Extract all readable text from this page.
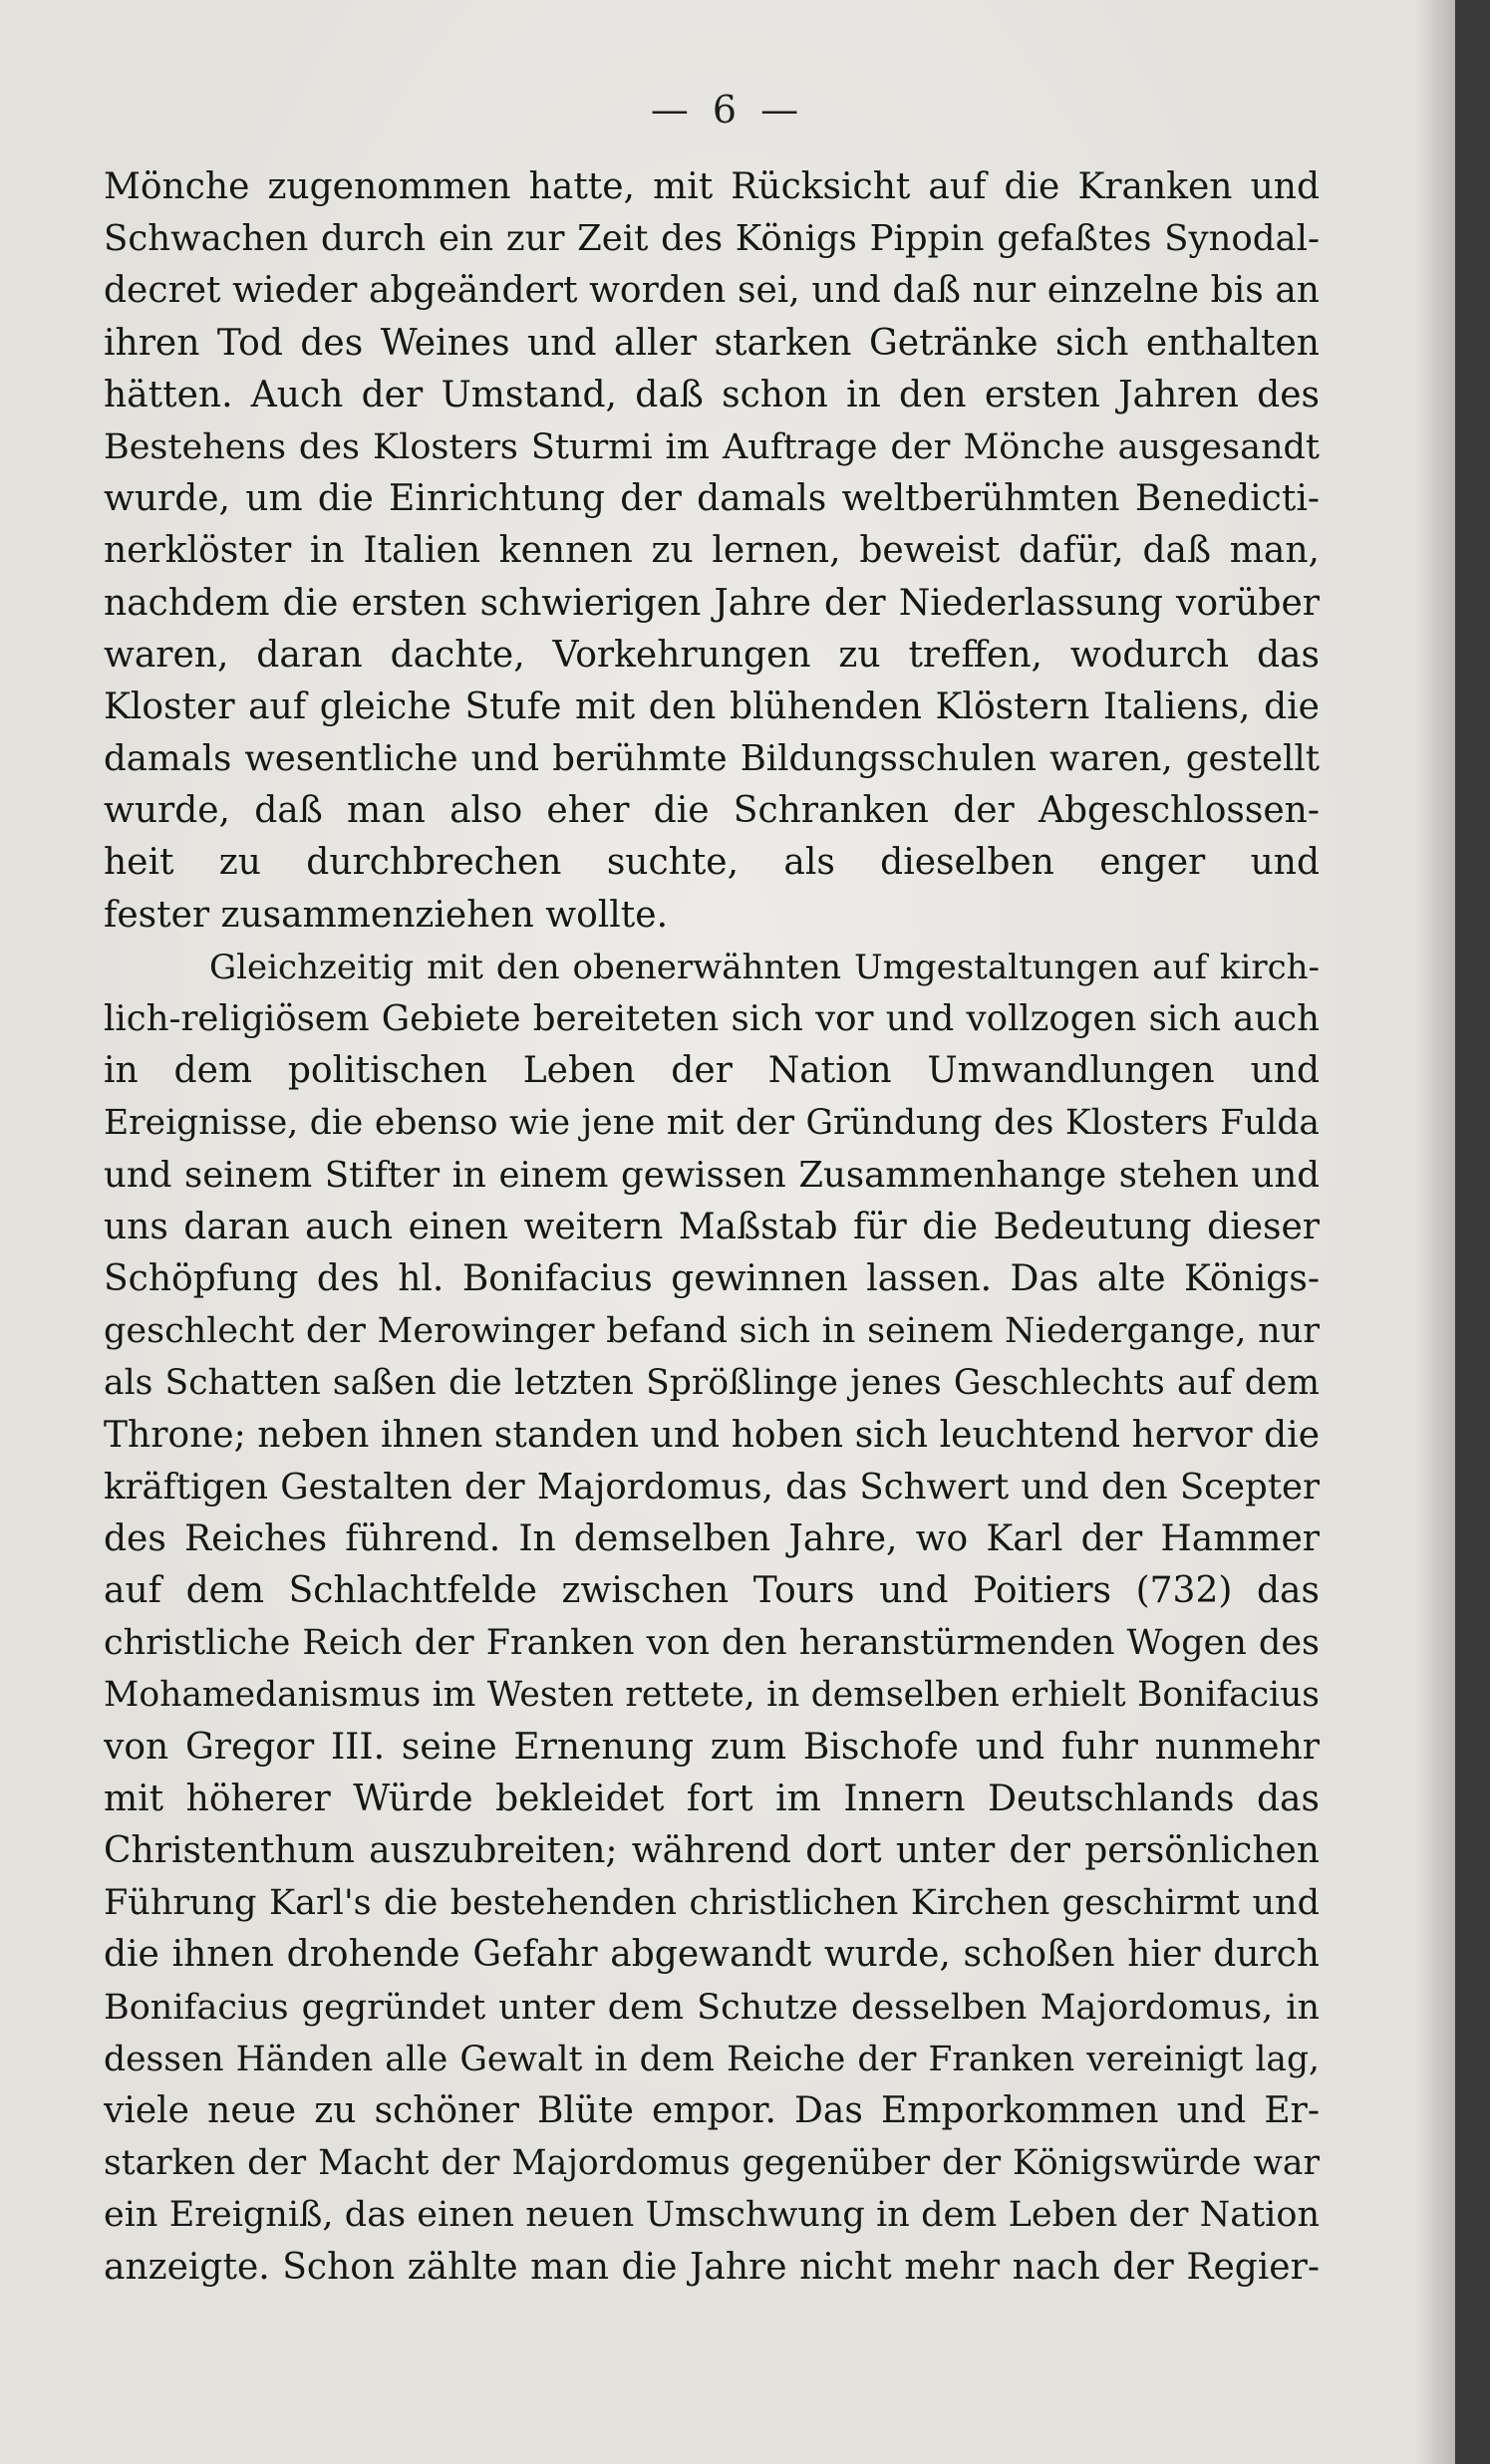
— 6 —
Mönche zugenommen hatte, mit Rücksicht auf die Kranken und
Schwachen durch ein zur Zeit des Königs Pippin gefaßtes Synodal-
decret wieder abgeändert worden sei, und daß nur einzelne bis an
ihren Tod des Weines und aller starken Getränke sich enthalten
hätten. Auch der Umstand, daß schon in den ersten Jahren des
Bestehens des Klosters Sturmi im Auftrage der Mönche ausgesandt
wurde, um die Einrichtung der damals weltberühmten Benedicti-
nerklöster in Italien kennen zu lernen, beweist dafür, daß man,
nachdem die ersten schwierigen Jahre der Niederlassung vorüber
waren, daran dachte, Vorkehrungen zu treffen, wodurch das
Kloster auf gleiche Stufe mit den blühenden Klöstern Italiens, die
damals wesentliche und berühmte Bildungsschulen waren, gestellt
wurde, daß man also eher die Schranken der Abgeschlossen-
heit zu durchbrechen suchte, als dieselben enger und
fester zusammenziehen wollte.
Gleichzeitig mit den obenerwähnten Umgestaltungen auf kirch-
lich-religiösem Gebiete bereiteten sich vor und vollzogen sich auch
in dem politischen Leben der Nation Umwandlungen und
Ereignisse, die ebenso wie jene mit der Gründung des Klosters Fulda
und seinem Stifter in einem gewissen Zusammenhange stehen und
uns daran auch einen weitern Maßstab für die Bedeutung dieser
Schöpfung des hl. Bonifacius gewinnen lassen. Das alte Königs-
geschlecht der Merowinger befand sich in seinem Niedergange, nur
als Schatten saßen die letzten Sprößlinge jenes Geschlechts auf dem
Throne; neben ihnen standen und hoben sich leuchtend hervor die
kräftigen Gestalten der Majordomus, das Schwert und den Scepter
des Reiches führend. In demselben Jahre, wo Karl der Hammer
auf dem Schlachtfelde zwischen Tours und Poitiers (732) das
christliche Reich der Franken von den heranstürmenden Wogen des
Mohamedanismus im Westen rettete, in demselben erhielt Bonifacius
von Gregor III. seine Ernenung zum Bischofe und fuhr nunmehr
mit höherer Würde bekleidet fort im Innern Deutschlands das
Christenthum auszubreiten; während dort unter der persönlichen
Führung Karl's die bestehenden christlichen Kirchen geschirmt und
die ihnen drohende Gefahr abgewandt wurde, schoßen hier durch
Bonifacius gegründet unter dem Schutze desselben Majordomus, in
dessen Händen alle Gewalt in dem Reiche der Franken vereinigt lag,
viele neue zu schöner Blüte empor. Das Emporkommen und Er-
starken der Macht der Majordomus gegenüber der Königswürde war
ein Ereigniß, das einen neuen Umschwung in dem Leben der Nation
anzeigte. Schon zählte man die Jahre nicht mehr nach der Regier-
